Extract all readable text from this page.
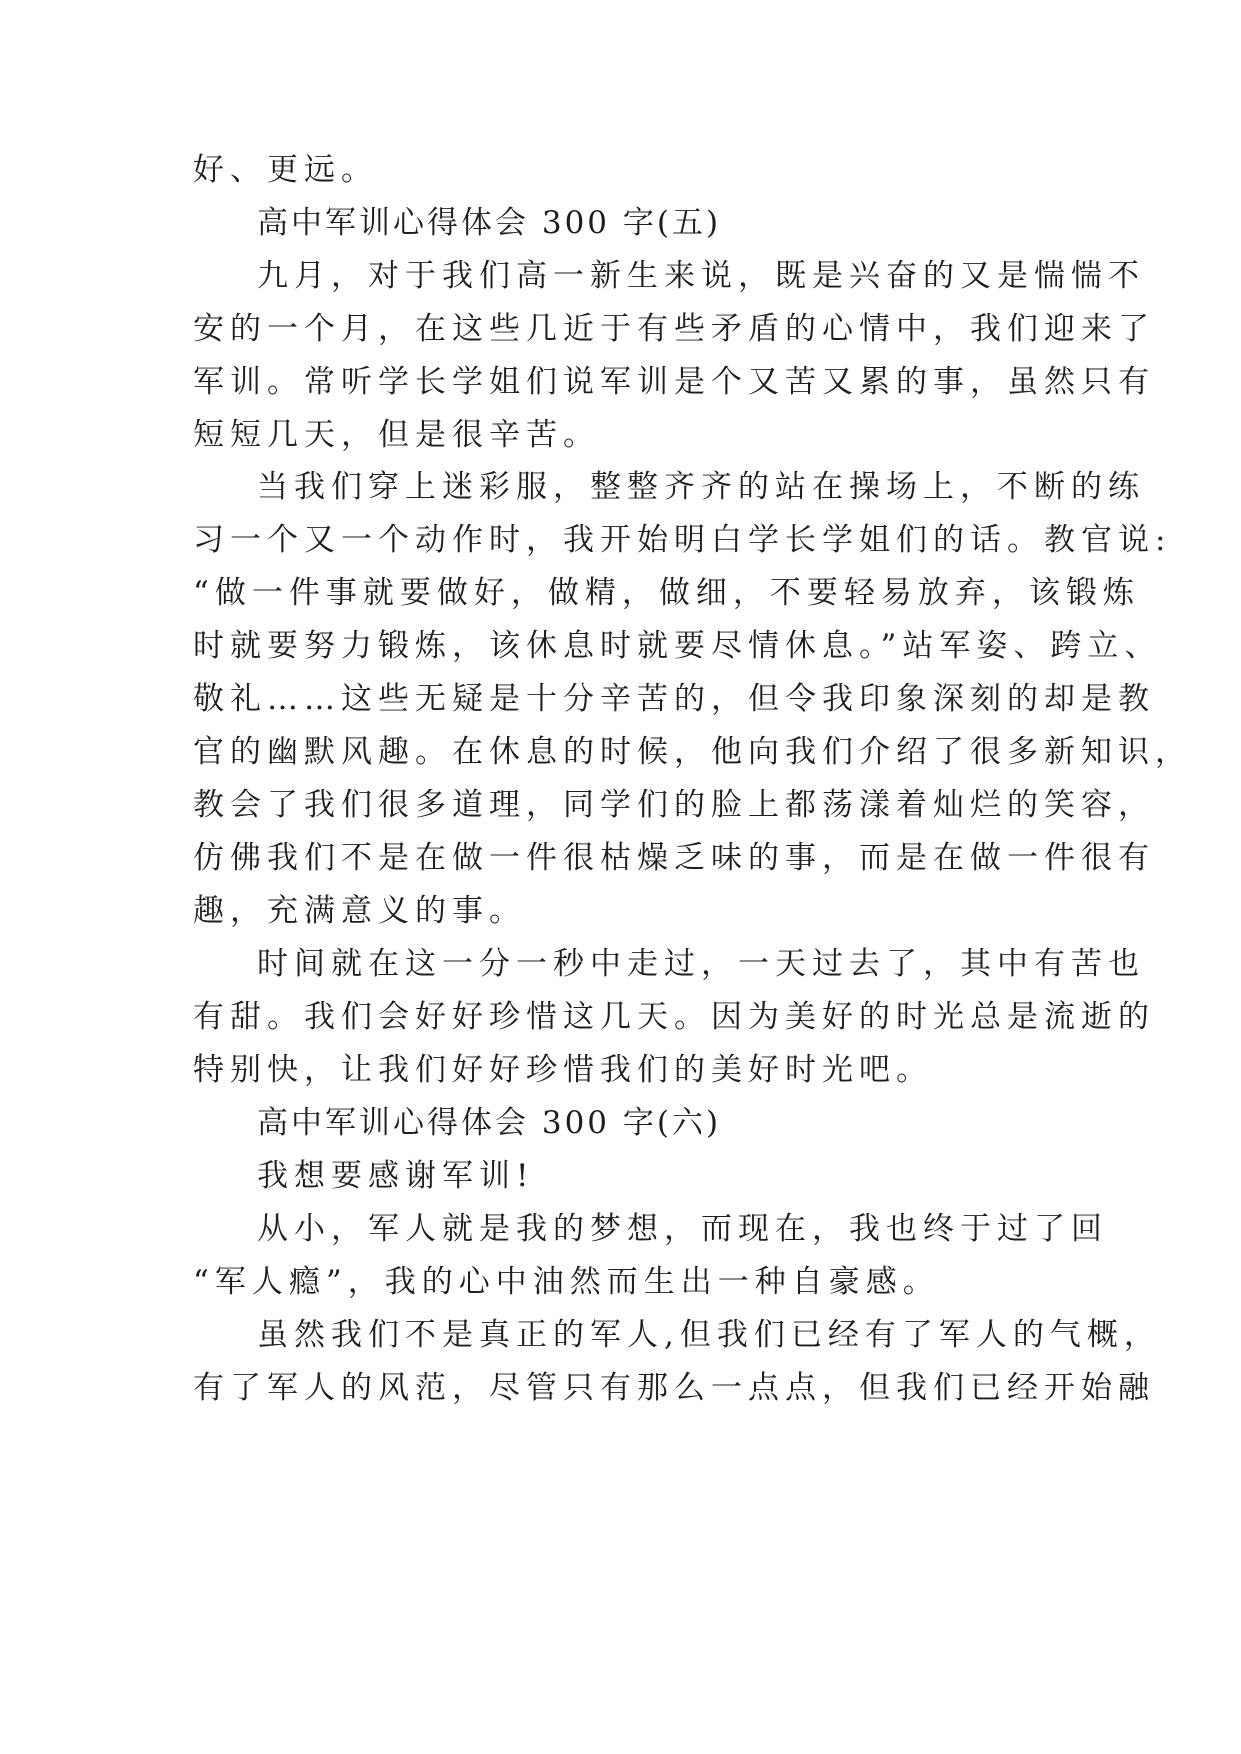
好、更远。
高中军训心得体会 300 字(五)
九月，对于我们高一新生来说，既是兴奋的又是惴惴不
安的一个月，在这些几近于有些矛盾的心情中，我们迎来了
军训。常听学长学姐们说军训是个又苦又累的事，虽然只有
短短几天，但是很辛苦。
当我们穿上迷彩服，整整齐齐的站在操场上，不断的练
习一个又一个动作时，我开始明白学长学姐们的话。教官说:
“做一件事就要做好，做精，做细，不要轻易放弃，该锻炼
时就要努力锻炼，该休息时就要尽情休息。”站军姿、跨立、
敬礼……这些无疑是十分辛苦的，但令我印象深刻的却是教
官的幽默风趣。在休息的时候，他向我们介绍了很多新知识，
教会了我们很多道理，同学们的脸上都荡漾着灿烂的笑容，
仿佛我们不是在做一件很枯燥乏味的事，而是在做一件很有
趣，充满意义的事。
时间就在这一分一秒中走过，一天过去了，其中有苦也
有甜。我们会好好珍惜这几天。因为美好的时光总是流逝的
特别快，让我们好好珍惜我们的美好时光吧。
高中军训心得体会 300 字(六)
我想要感谢军训!
从小，军人就是我的梦想，而现在，我也终于过了回
“军人瘾”，我的心中油然而生出一种自豪感。
虽然我们不是真正的军人,但我们已经有了军人的气概，
有了军人的风范，尽管只有那么一点点，但我们已经开始融
